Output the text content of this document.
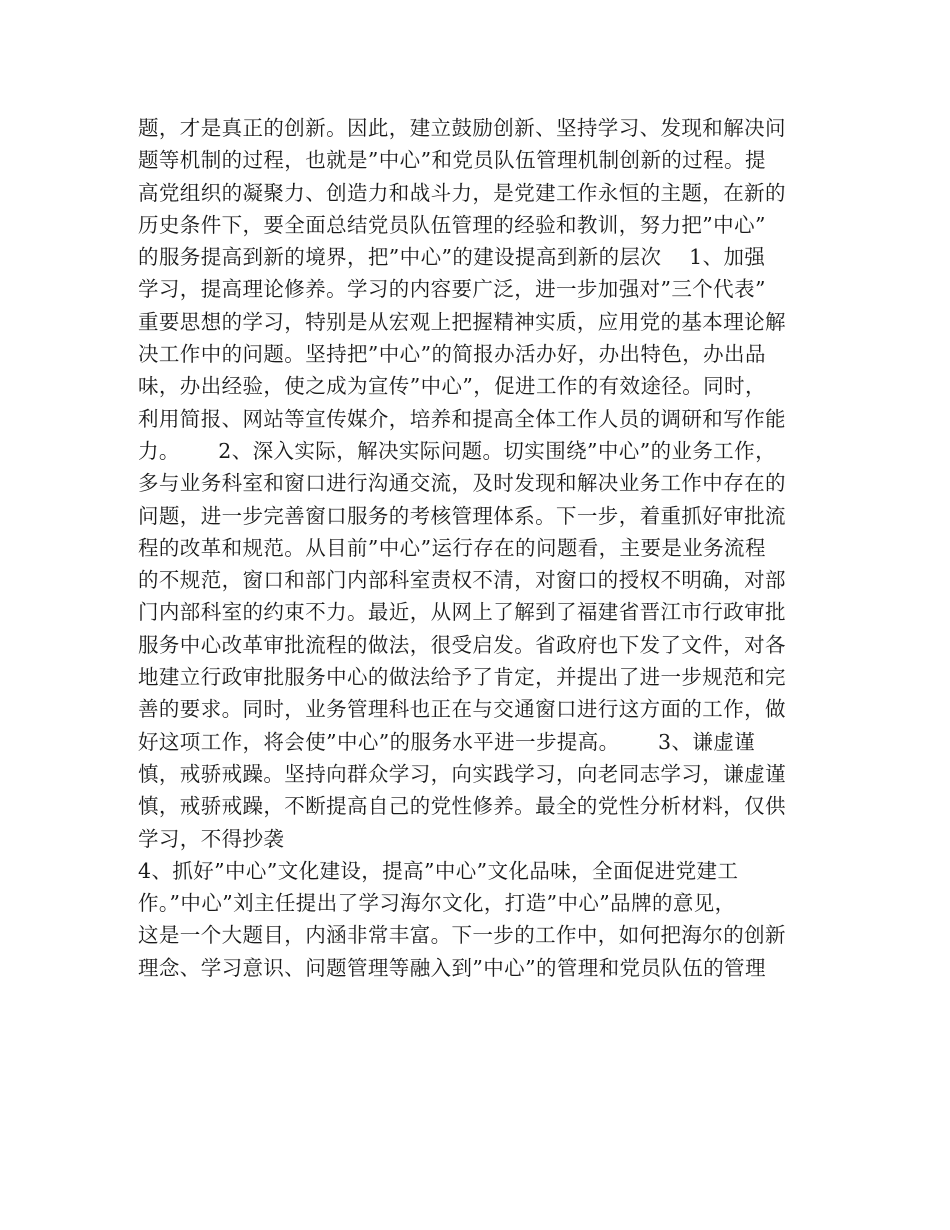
题，才是真正的创新。因此，建立鼓励创新、坚持学习、发现和解决问
题等机制的过程，也就是”中心”和党员队伍管理机制创新的过程。提
高党组织的凝聚力、创造力和战斗力，是党建工作永恒的主题，在新的
历史条件下，要全面总结党员队伍管理的经验和教训，努力把”中心”
的服务提高到新的境界，把”中心”的建设提高到新的层次　 1、加强
学习，提高理论修养。学习的内容要广泛，进一步加强对”三个代表”
重要思想的学习，特别是从宏观上把握精神实质，应用党的基本理论解
决工作中的问题。坚持把”中心”的简报办活办好，办出特色，办出品
味，办出经验，使之成为宣传”中心”，促进工作的有效途径。同时，
利用简报、网站等宣传媒介，培养和提高全体工作人员的调研和写作能
力。　　 2、深入实际，解决实际问题。切实围绕”中心”的业务工作，
多与业务科室和窗口进行沟通交流，及时发现和解决业务工作中存在的
问题，进一步完善窗口服务的考核管理体系。下一步，着重抓好审批流
程的改革和规范。从目前”中心”运行存在的问题看，主要是业务流程
的不规范，窗口和部门内部科室责权不清，对窗口的授权不明确，对部
门内部科室的约束不力。最近，从网上了解到了福建省晋江市行政审批
服务中心改革审批流程的做法，很受启发。省政府也下发了文件，对各
地建立行政审批服务中心的做法给予了肯定，并提出了进一步规范和完
善的要求。同时，业务管理科也正在与交通窗口进行这方面的工作，做
好这项工作，将会使”中心”的服务水平进一步提高。　　 3、谦虚谨
慎，戒骄戒躁。坚持向群众学习，向实践学习，向老同志学习，谦虚谨
慎，戒骄戒躁，不断提高自己的党性修养。最全的党性分析材料，仅供
学习，不得抄袭
4、抓好”中心”文化建设，提高”中心”文化品味，全面促进党建工
作。”中心”刘主任提出了学习海尔文化，打造”中心”品牌的意见，
这是一个大题目，内涵非常丰富。下一步的工作中，如何把海尔的创新
理念、学习意识、问题管理等融入到”中心”的管理和党员队伍的管理
